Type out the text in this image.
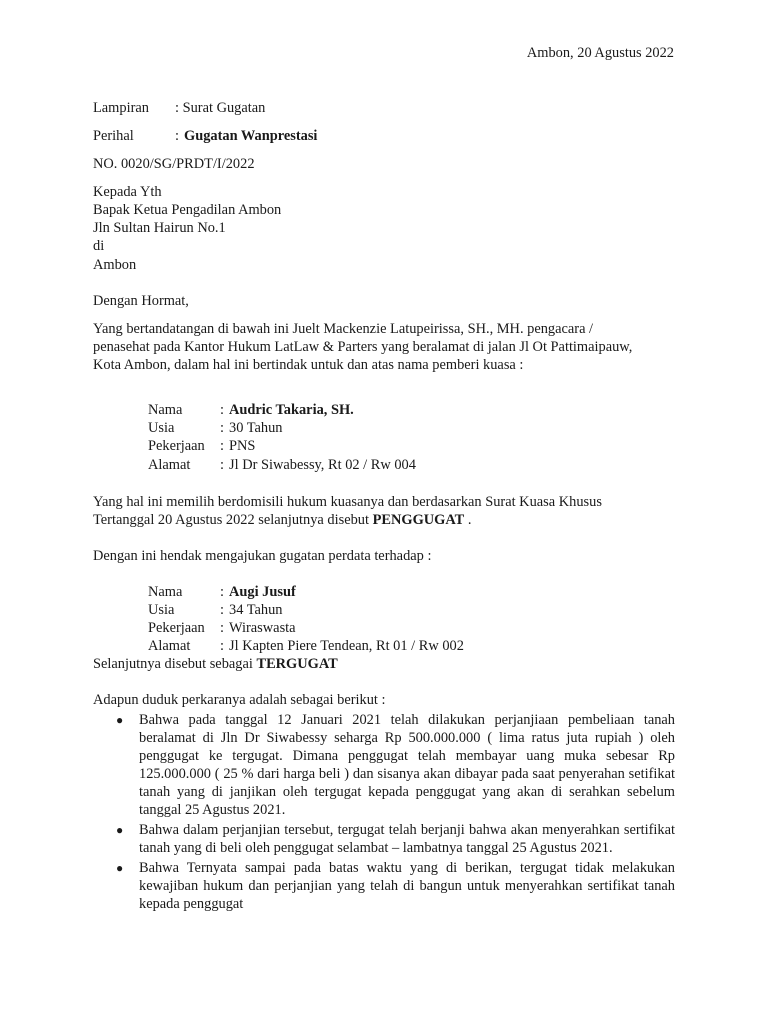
Ambon, 20 Agustus 2022
Lampiran : Surat Gugatan
Perihal	: Gugatan Wanprestasi
NO. 0020/SG/PRDT/I/2022
Kepada Yth
Bapak Ketua Pengadilan Ambon
Jln Sultan Hairun No.1
di
Ambon
Dengan Hormat,
Yang bertandatangan di bawah ini Juelt Mackenzie Latupeirissa, SH., MH. pengacara /
penasehat pada Kantor Hukum LatLaw & Parters yang beralamat di jalan Jl Ot Pattimaipauw,
Kota Ambon, dalam hal ini bertindak untuk dan atas nama pemberi kuasa :
Nama	: Audric Takaria, SH.
Usia	: 30 Tahun
Pekerjaan : PNS
Alamat : Jl Dr Siwabessy, Rt 02 / Rw 004
Yang hal ini memilih berdomisili hukum kuasanya dan berdasarkan Surat Kuasa Khusus
Tertanggal 20 Agustus 2022 selanjutnya disebut PENGGUGAT .
Dengan ini hendak mengajukan gugatan perdata terhadap :
Nama	: Augi Jusuf
Usia	: 34 Tahun
Pekerjaan : Wiraswasta
Alamat : Jl Kapten Piere Tendean, Rt 01 / Rw 002
Selanjutnya disebut sebagai TERGUGAT
Adapun duduk perkaranya adalah sebagai berikut :
● Bahwa pada tanggal 12 Januari 2021 telah dilakukan perjanjiaan pembeliaan tanah beralamat di Jln Dr Siwabessy seharga Rp 500.000.000 ( lima ratus juta rupiah ) oleh penggugat ke tergugat. Dimana penggugat telah membayar uang muka sebesar Rp 125.000.000 ( 25 % dari harga beli ) dan sisanya akan dibayar pada saat penyerahan setifikat tanah yang di janjikan oleh tergugat kepada penggugat yang akan di serahkan sebelum tanggal 25 Agustus 2021.
● Bahwa dalam perjanjian tersebut, tergugat telah berjanji bahwa akan menyerahkan sertifikat tanah yang di beli oleh penggugat selambat – lambatnya tanggal 25 Agustus 2021.
● Bahwa Ternyata sampai pada batas waktu yang di berikan, tergugat tidak melakukan kewajiban hukum dan perjanjian yang telah di bangun untuk menyerahkan sertifikat tanah kepada penggugat
